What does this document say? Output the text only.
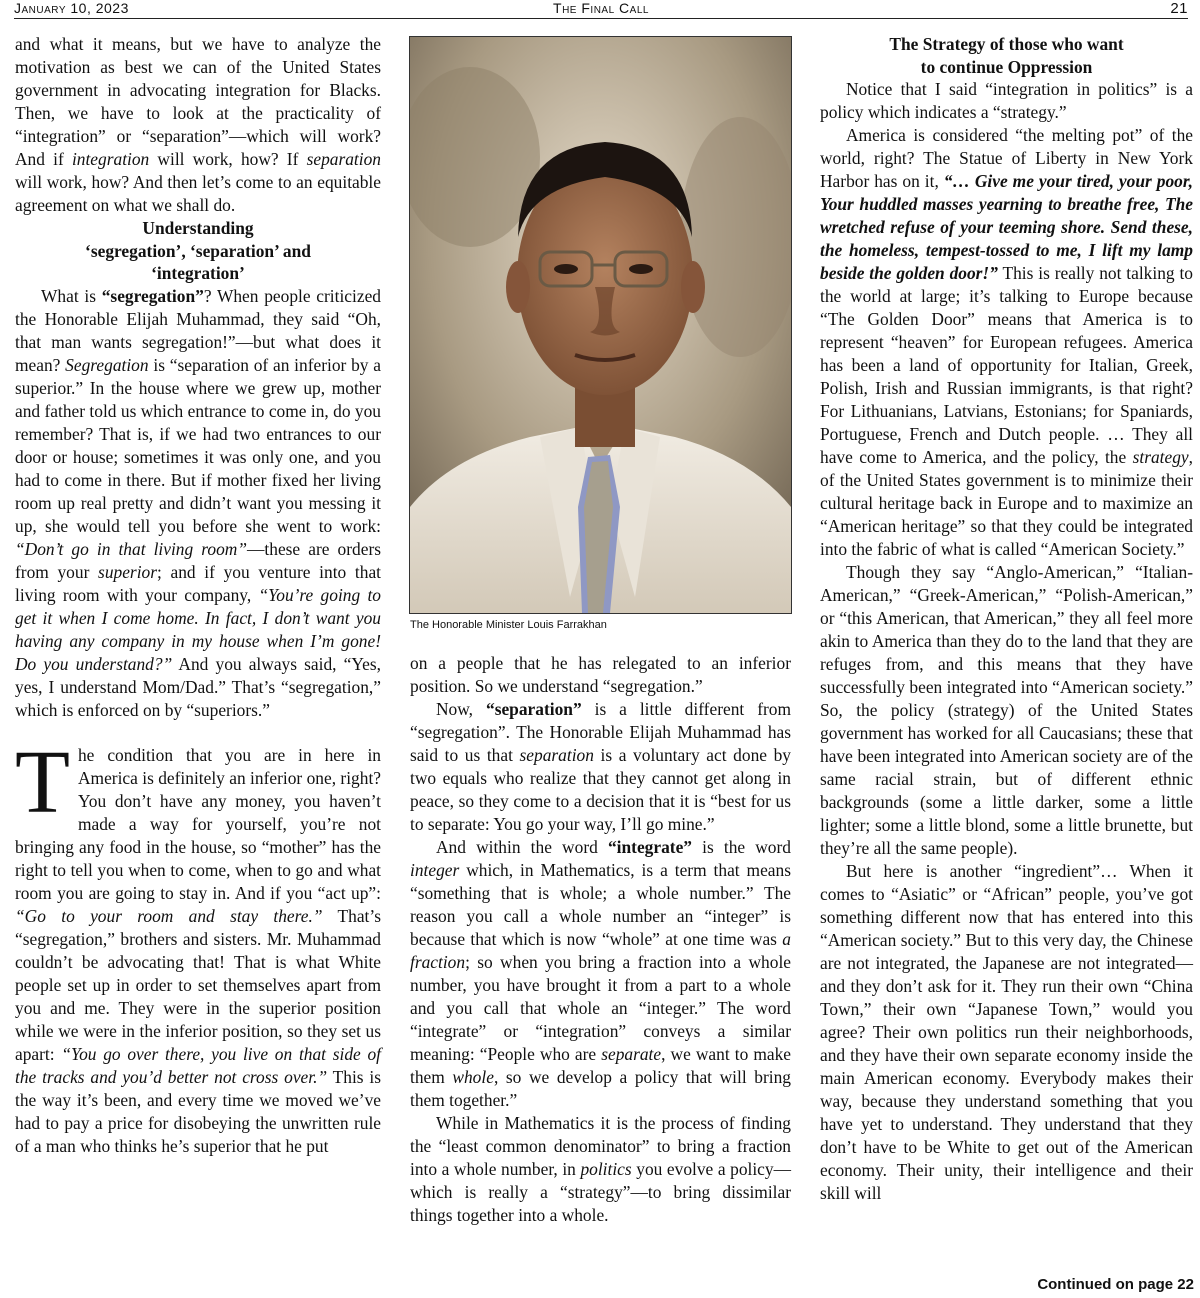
January 10, 2023	The Final Call	21

and what it means, but we have to analyze the motivation as best we can of the United States government in advocating integration for Blacks. Then, we have to look at the practicality of “integration” or “separation”—which will work? And if integration will work, how? If separation will work, how? And then let’s come to an equitable agreement on what we shall do.

Understanding
‘segregation’, ‘separation’ and
‘integration’

What is “segregation”? When people criticized the Honorable Elijah Muhammad, they said “Oh, that man wants segregation!”—but what does it mean? Segregation is “separation of an inferior by a superior.” In the house where we grew up, mother and father told us which entrance to come in, do you remember? That is, if we had two entrances to our door or house; sometimes it was only one, and you had to come in there. But if mother fixed her living room up real pretty and didn’t want you messing it up, she would tell you before she went to work: “Don’t go in that living room”—these are orders from your superior; and if you venture into that living room with your company, “You’re going to get it when I come home. In fact, I don’t want you having any company in my house when I’m gone! Do you understand?” And you always said, “Yes, yes, I understand Mom/Dad.” That’s “segregation,” which is enforced on by “superiors.”

The condition that you are in here in America is definitely an inferior one, right? You don’t have any money, you haven’t made a way for yourself, you’re not bringing any food in the house, so “mother” has the right to tell you when to come, when to go and what room you are going to stay in. And if you “act up”: “Go to your room and stay there.” That’s “segregation,” brothers and sisters. Mr. Muhammad couldn’t be advocating that! That is what White people set up in order to set themselves apart from you and me. They were in the superior position while we were in the inferior position, so they set us apart: “You go over there, you live on that side of the tracks and you’d better not cross over.” This is the way it’s been, and every time we moved we’ve had to pay a price for disobeying the unwritten rule of a man who thinks he’s superior that he put

The Honorable Minister Louis Farrakhan

on a people that he has relegated to an inferior position. So we understand “segregation.”

Now, “separation” is a little different from “segregation”. The Honorable Elijah Muhammad has said to us that separation is a voluntary act done by two equals who realize that they cannot get along in peace, so they come to a decision that it is “best for us to separate: You go your way, I’ll go mine.”

And within the word “integrate” is the word integer which, in Mathematics, is a term that means “something that is whole; a whole number.” The reason you call a whole number an “integer” is because that which is now “whole” at one time was a fraction; so when you bring a fraction into a whole number, you have brought it from a part to a whole and you call that whole an “integer.” The word “integrate” or “integration” conveys a similar meaning: “People who are separate, we want to make them whole, so we develop a policy that will bring them together.”

While in Mathematics it is the process of finding the “least common denominator” to bring a fraction into a whole number, in politics you evolve a policy—which is really a “strategy”—to bring dissimilar things together into a whole.

The Strategy of those who want
to continue Oppression

Notice that I said “integration in politics” is a policy which indicates a “strategy.”

America is considered “the melting pot” of the world, right? The Statue of Liberty in New York Harbor has on it, “… Give me your tired, your poor, Your huddled masses yearning to breathe free, The wretched refuse of your teeming shore. Send these, the homeless, tempest-tossed to me, I lift my lamp beside the golden door!” This is really not talking to the world at large; it’s talking to Europe because “The Golden Door” means that America is to represent “heaven” for European refugees. America has been a land of opportunity for Italian, Greek, Polish, Irish and Russian immigrants, is that right? For Lithuanians, Latvians, Estonians; for Spaniards, Portuguese, French and Dutch people. … They all have come to America, and the policy, the strategy, of the United States government is to minimize their cultural heritage back in Europe and to maximize an “American heritage” so that they could be integrated into the fabric of what is called “American Society.”

Though they say “Anglo-American,” “Italian-American,” “Greek-American,” “Polish-American,” or “this American, that American,” they all feel more akin to America than they do to the land that they are refuges from, and this means that they have successfully been integrated into “American society.” So, the policy (strategy) of the United States government has worked for all Caucasians; these that have been integrated into American society are of the same racial strain, but of different ethnic backgrounds (some a little darker, some a little lighter; some a little blond, some a little brunette, but they’re all the same people).

But here is another “ingredient”… When it comes to “Asiatic” or “African” people, you’ve got something different now that has entered into this “American society.” But to this very day, the Chinese are not integrated, the Japanese are not integrated—and they don’t ask for it. They run their own “China Town,” their own “Japanese Town,” would you agree? Their own politics run their neighborhoods, and they have their own separate economy inside the main American economy. Everybody makes their way, because they understand something that you have yet to understand. They understand that they don’t have to be White to get out of the American economy. Their unity, their intelligence and their skill will

Continued on page 22
